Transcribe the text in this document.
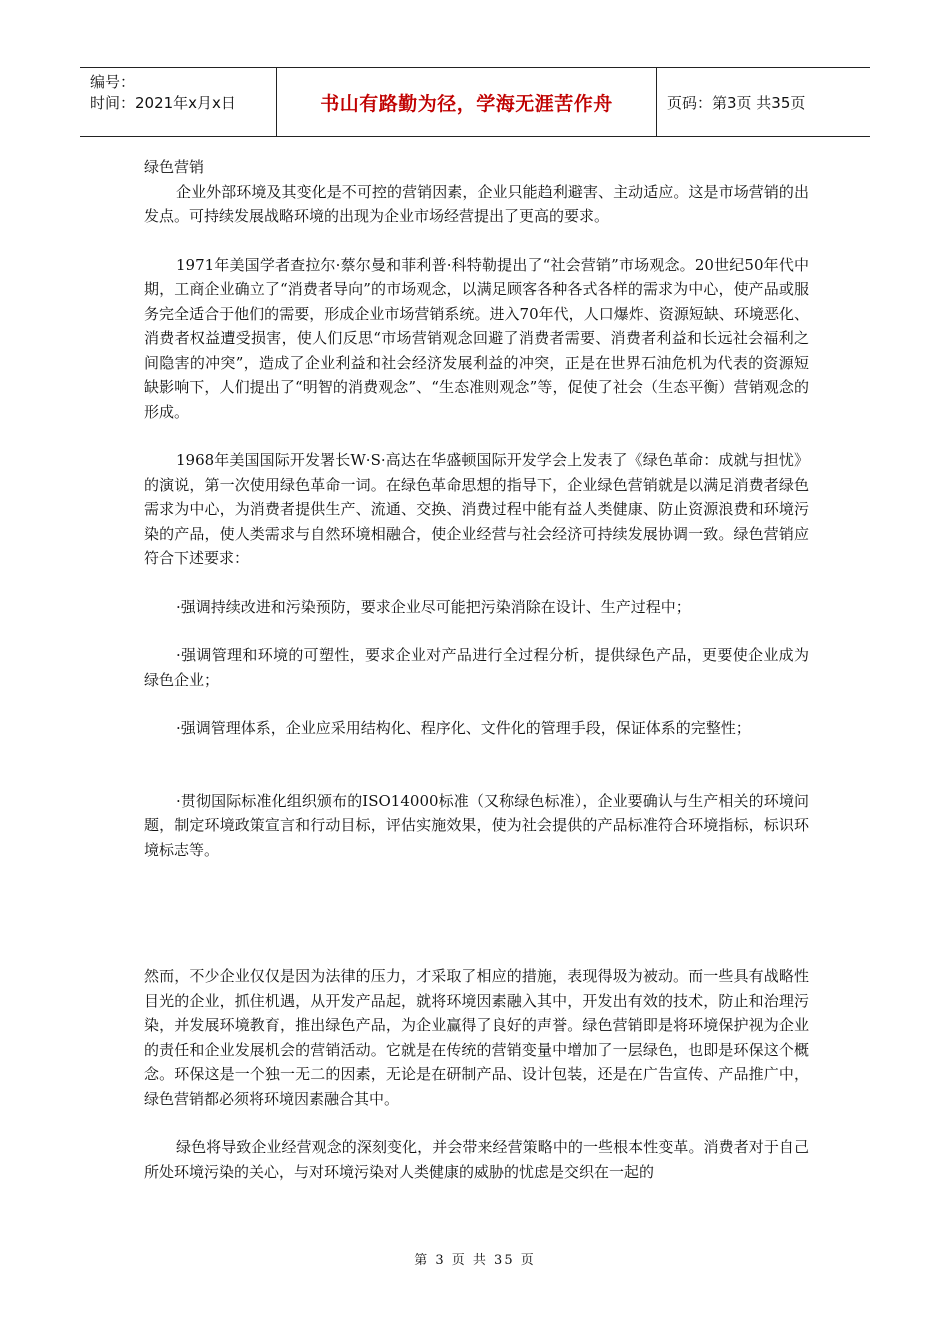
编号：
时间：2021年x月x日	书山有路勤为径，学海无涯苦作舟	页码：第3页 共35页

绿色营销

企业外部环境及其变化是不可控的营销因素，企业只能趋利避害、主动适应。这是市场营销的出发点。可持续发展战略环境的出现为企业市场经营提出了更高的要求。

1971年美国学者查拉尔·蔡尔曼和菲利普·科特勒提出了“社会营销”市场观念。20世纪50年代中期，工商企业确立了“消费者导向”的市场观念，以满足顾客各种各式各样的需求为中心，使产品或服务完全适合于他们的需要，形成企业市场营销系统。进入70年代，人口爆炸、资源短缺、环境恶化、消费者权益遭受损害，使人们反思“市场营销观念回避了消费者需要、消费者利益和长远社会福利之间隐害的冲突”，造成了企业利益和社会经济发展利益的冲突，正是在世界石油危机为代表的资源短缺影响下，人们提出了“明智的消费观念”、“生态准则观念”等，促使了社会（生态平衡）营销观念的形成。

1968年美国国际开发署长W·S·高达在华盛顿国际开发学会上发表了《绿色革命：成就与担忧》的演说，第一次使用绿色革命一词。在绿色革命思想的指导下，企业绿色营销就是以满足消费者绿色需求为中心，为消费者提供生产、流通、交换、消费过程中能有益人类健康、防止资源浪费和环境污染的产品，使人类需求与自然环境相融合，使企业经营与社会经济可持续发展协调一致。绿色营销应符合下述要求：

·强调持续改进和污染预防，要求企业尽可能把污染消除在设计、生产过程中；

·强调管理和环境的可塑性，要求企业对产品进行全过程分析，提供绿色产品，更要使企业成为绿色企业；

·强调管理体系，企业应采用结构化、程序化、文件化的管理手段，保证体系的完整性；

·贯彻国际标准化组织颁布的ISO14000标准（又称绿色标准），企业要确认与生产相关的环境问题，制定环境政策宣言和行动目标，评估实施效果，使为社会提供的产品标准符合环境指标，标识环境标志等。

然而，不少企业仅仅是因为法律的压力，才采取了相应的措施，表现得圾为被动。而一些具有战略性目光的企业，抓住机遇，从开发产品起，就将环境因素融入其中，开发出有效的技术，防止和治理污染，并发展环境教育，推出绿色产品，为企业赢得了良好的声誉。绿色营销即是将环境保护视为企业的责任和企业发展机会的营销活动。它就是在传统的营销变量中增加了一层绿色，也即是环保这个概念。环保这是一个独一无二的因素，无论是在研制产品、设计包装，还是在广告宣传、产品推广中，绿色营销都必须将环境因素融合其中。

绿色将导致企业经营观念的深刻变化，并会带来经营策略中的一些根本性变革。消费者对于自己所处环境污染的关心，与对环境污染对人类健康的威胁的忧虑是交织在一起的

第 3 页 共 35 页
